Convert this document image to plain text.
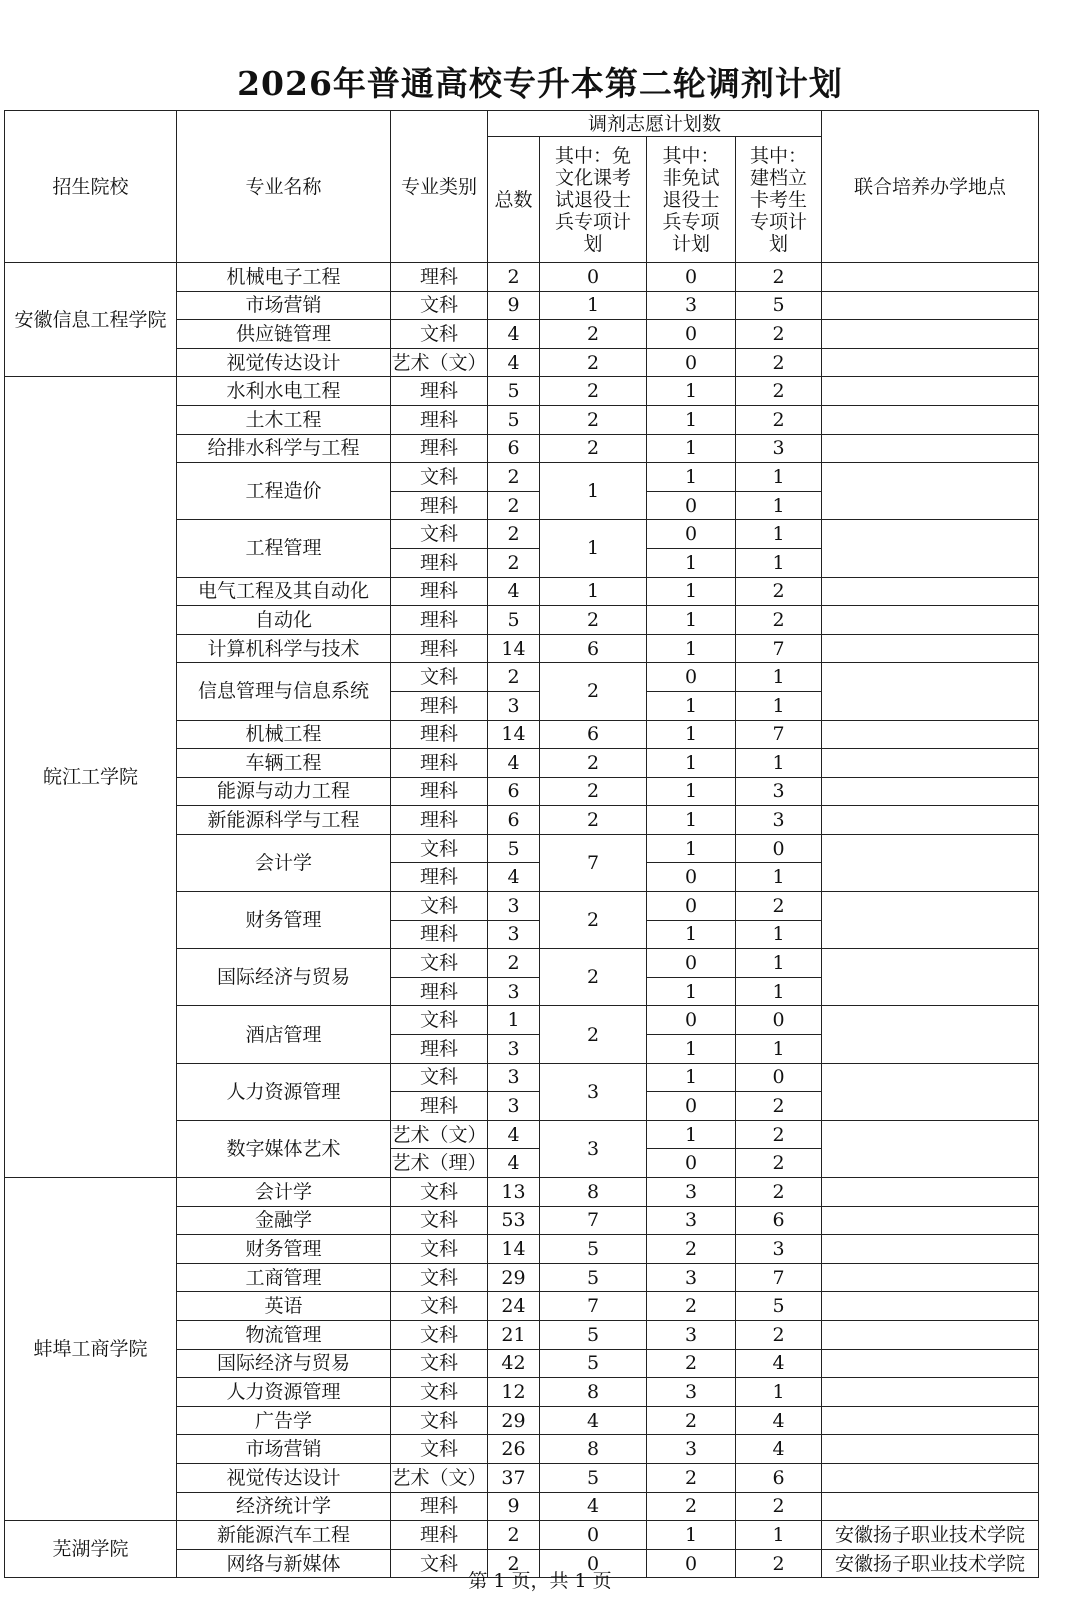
2026年普通高校专升本第二轮调剂计划
招生院校	专业名称	专业类别	调剂志愿计划数				联合培养办学地点
			总数	其中：免文化课考试退役士兵专项计划	其中：非免试退役士兵专项计划	其中：建档立卡考生专项计划	
安徽信息工程学院	机械电子工程	理科	2	0	0	2	
	市场营销	文科	9	1	3	5	
	供应链管理	文科	4	2	0	2	
	视觉传达设计	艺术（文）	4	2	0	2	
皖江工学院	水利水电工程	理科	5	2	1	2	
	土木工程	理科	5	2	1	2	
	给排水科学与工程	理科	6	2	1	3	
	工程造价	文科	2	1	1	1	
		理科	2		0	1	
	工程管理	文科	2	1	0	1	
		理科	2		1	1	
	电气工程及其自动化	理科	4	1	1	2	
	自动化	理科	5	2	1	2	
	计算机科学与技术	理科	14	6	1	7	
	信息管理与信息系统	文科	2	2	0	1	
		理科	3		1	1	
	机械工程	理科	14	6	1	7	
	车辆工程	理科	4	2	1	1	
	能源与动力工程	理科	6	2	1	3	
	新能源科学与工程	理科	6	2	1	3	
	会计学	文科	5	7	1	0	
		理科	4		0	1	
	财务管理	文科	3	2	0	2	
		理科	3		1	1	
	国际经济与贸易	文科	2	2	0	1	
		理科	3		1	1	
	酒店管理	文科	1	2	0	0	
		理科	3		1	1	
	人力资源管理	文科	3	3	1	0	
		理科	3		0	2	
	数字媒体艺术	艺术（文）	4	3	1	2	
		艺术（理）	4		0	2	
蚌埠工商学院	会计学	文科	13	8	3	2	
	金融学	文科	53	7	3	6	
	财务管理	文科	14	5	2	3	
	工商管理	文科	29	5	3	7	
	英语	文科	24	7	2	5	
	物流管理	文科	21	5	3	2	
	国际经济与贸易	文科	42	5	2	4	
	人力资源管理	文科	12	8	3	1	
	广告学	文科	29	4	2	4	
	市场营销	文科	26	8	3	4	
	视觉传达设计	艺术（文）	37	5	2	6	
	经济统计学	理科	9	4	2	2	
芜湖学院	新能源汽车工程	理科	2	0	1	1	安徽扬子职业技术学院
	网络与新媒体	文科	2	0	0	2	安徽扬子职业技术学院
第 1 页，共 1 页
